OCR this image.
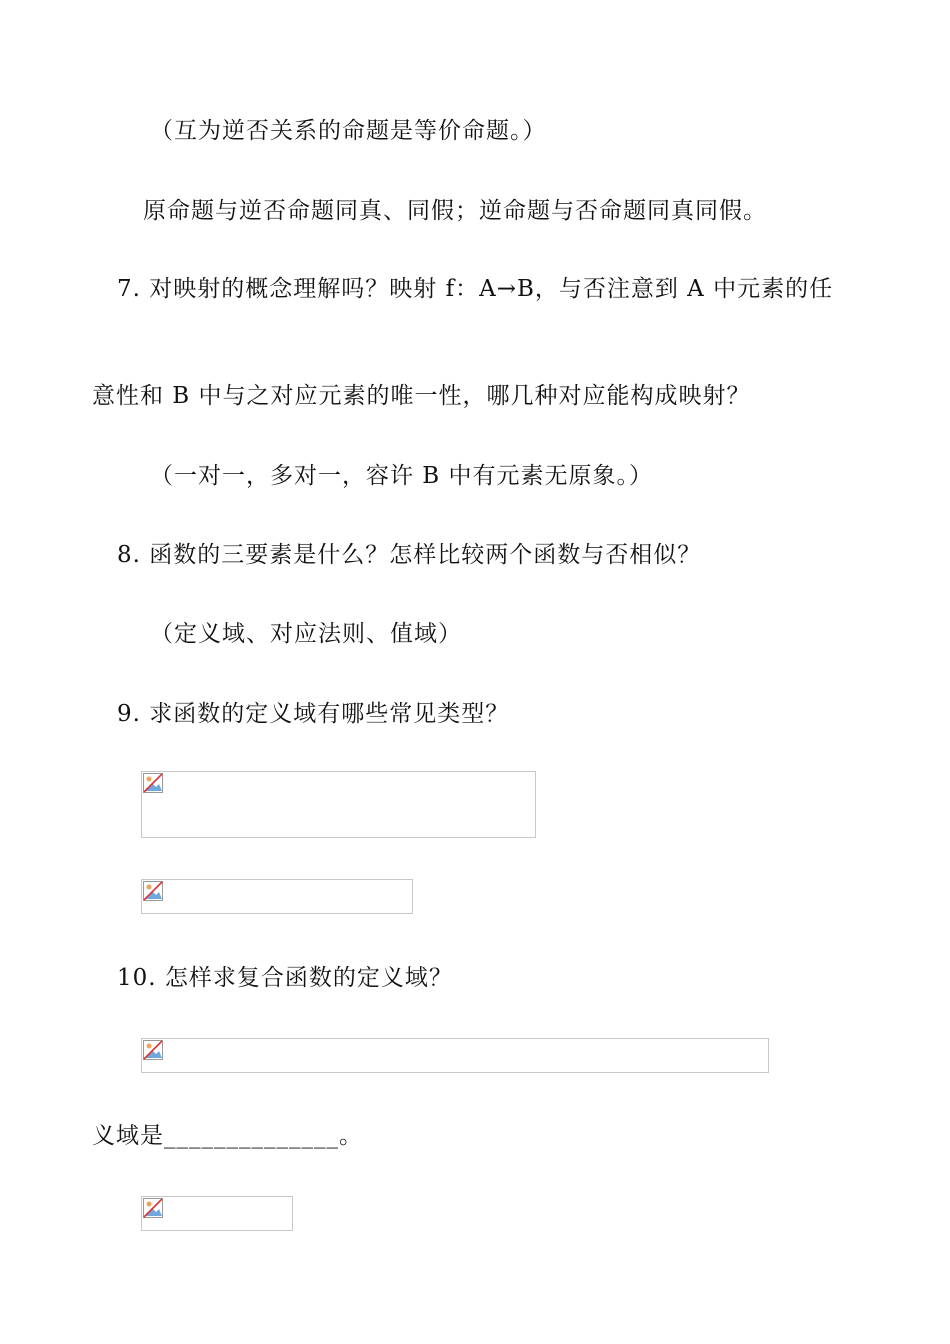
（互为逆否关系的命题是等价命题。）
原命题与逆否命题同真、同假；逆命题与否命题同真同假。
7. 对映射的概念理解吗？映射 f：A→B，与否注意到 A 中元素的任
意性和 B 中与之对应元素的唯一性，哪几种对应能构成映射？
（一对一，多对一，容许 B 中有元素无原象。）
8. 函数的三要素是什么？怎样比较两个函数与否相似？
（定义域、对应法则、值域）
9. 求函数的定义域有哪些常见类型？
10. 怎样求复合函数的定义域？
义域是______________。
